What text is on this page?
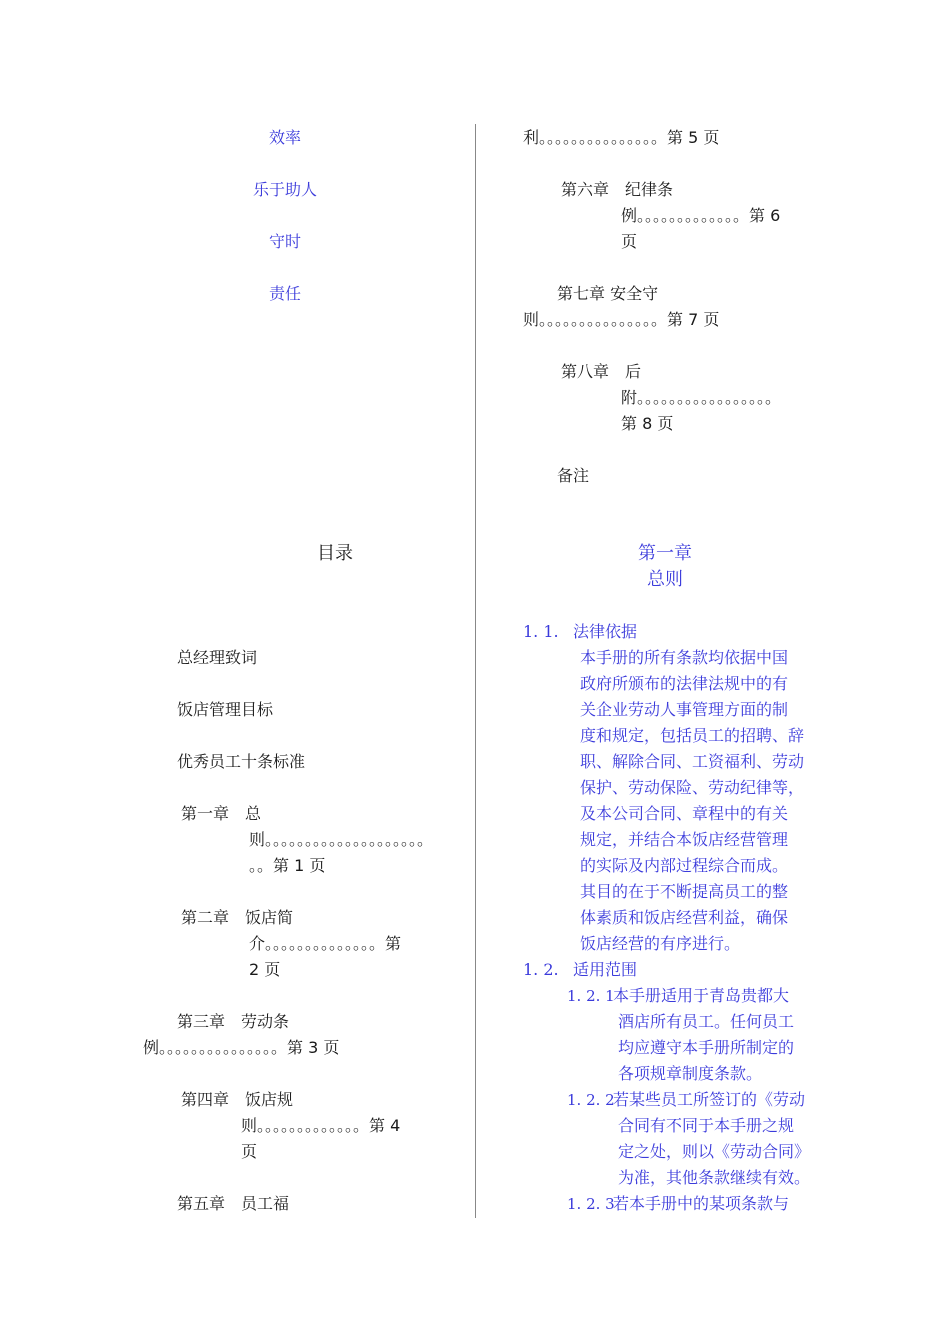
效率
乐于助人
守时
责任
目录
总经理致词
饭店管理目标
优秀员工十条标准
第一章　总
则。。。。。。。。。。。。。。。。。。。。
。。第 1 页
第二章　饭店简
介。。。。。。。。。。。。。。第
2 页
第三章　劳动条
例。。。。。。。。。。。。。。。第 3 页
第四章　饭店规
则。。。。。。。。。。。。。第 4
页
第五章　员工福
利。。。。。。。。。。。。。。。第 5 页
第六章　纪律条
例。。。。。。。。。。。。。第 6
页
第七章 安全守
则。。。。。。。。。。。。。。。第 7 页
第八章　后
附。。。。。。。。。。。。。。。。。
第 8 页
备注
第一章
总则
1. 1. 法律依据
本手册的所有条款均依据中国
政府所颁布的法律法规中的有
关企业劳动人事管理方面的制
度和规定，包括员工的招聘、辞
职、解除合同、工资福利、劳动
保护、劳动保险、劳动纪律等，
及本公司合同、章程中的有关
规定，并结合本饭店经营管理
的实际及内部过程综合而成。
其目的在于不断提高员工的整
体素质和饭店经营利益，确保
饭店经营的有序进行。
1. 2. 适用范围
1. 2. 1
本手册适用于青岛贵都大
酒店所有员工。任何员工
均应遵守本手册所制定的
各项规章制度条款。
1. 2. 2
若某些员工所签订的《劳动
合同有不同于本手册之规
定之处，则以《劳动合同》
为准，其他条款继续有效。
1. 2. 3
若本手册中的某项条款与
